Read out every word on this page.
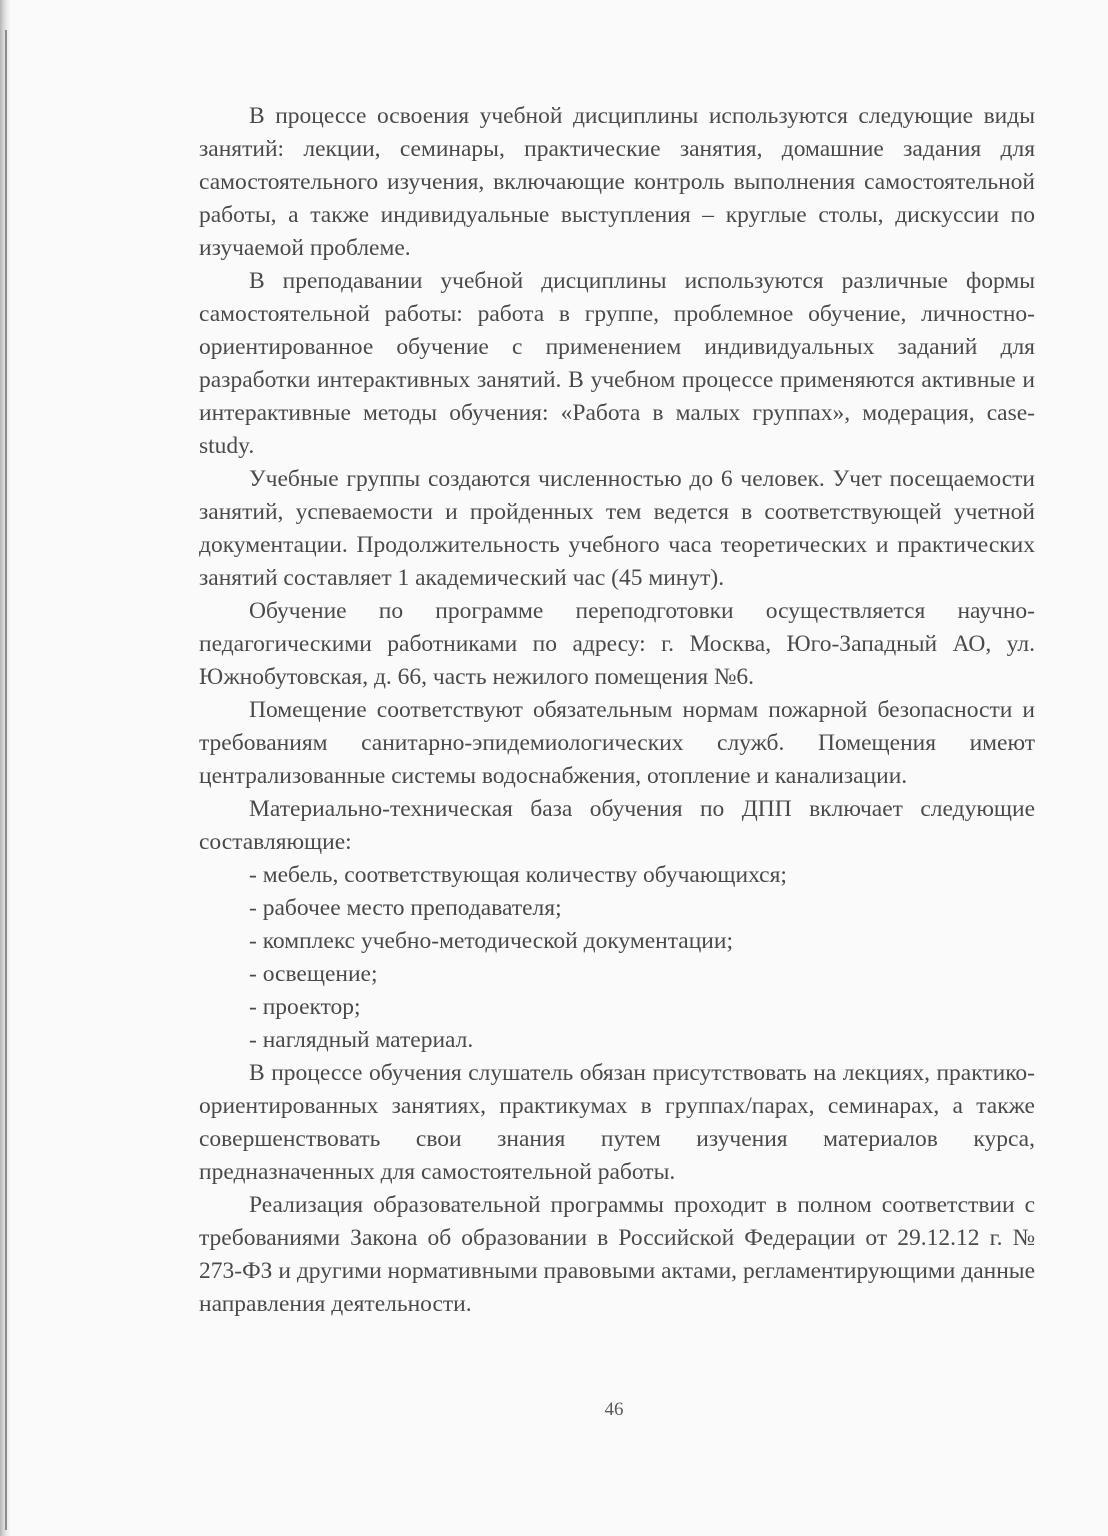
В процессе освоения учебной дисциплины используются следующие виды занятий: лекции, семинары, практические занятия, домашние задания для самостоятельного изучения, включающие контроль выполнения самостоятельной работы, а также индивидуальные выступления – круглые столы, дискуссии по изучаемой проблеме.

В преподавании учебной дисциплины используются различные формы самостоятельной работы: работа в группе, проблемное обучение, личностно-ориентированное обучение с применением индивидуальных заданий для разработки интерактивных занятий. В учебном процессе применяются активные и интерактивные методы обучения: «Работа в малых группах», модерация, case-study.

Учебные группы создаются численностью до 6 человек. Учет посещаемости занятий, успеваемости и пройденных тем ведется в соответствующей учетной документации. Продолжительность учебного часа теоретических и практических занятий составляет 1 академический час (45 минут).

Обучение по программе переподготовки осуществляется научно-педагогическими работниками по адресу: г. Москва, Юго-Западный АО, ул. Южнобутовская, д. 66, часть нежилого помещения №6.

Помещение соответствуют обязательным нормам пожарной безопасности и требованиям санитарно-эпидемиологических служб. Помещения имеют централизованные системы водоснабжения, отопление и канализации.

Материально-техническая база обучения по ДПП включает следующие составляющие:

- мебель, соответствующая количеству обучающихся;
- рабочее место преподавателя;
- комплекс учебно-методической документации;
- освещение;
- проектор;
- наглядный материал.

В процессе обучения слушатель обязан присутствовать на лекциях, практико-ориентированных занятиях, практикумах в группах/парах, семинарах, а также совершенствовать свои знания путем изучения материалов курса, предназначенных для самостоятельной работы.

Реализация образовательной программы проходит в полном соответствии с требованиями Закона об образовании в Российской Федерации от 29.12.12 г. № 273-ФЗ и другими нормативными правовыми актами, регламентирующими данные направления деятельности.

46
